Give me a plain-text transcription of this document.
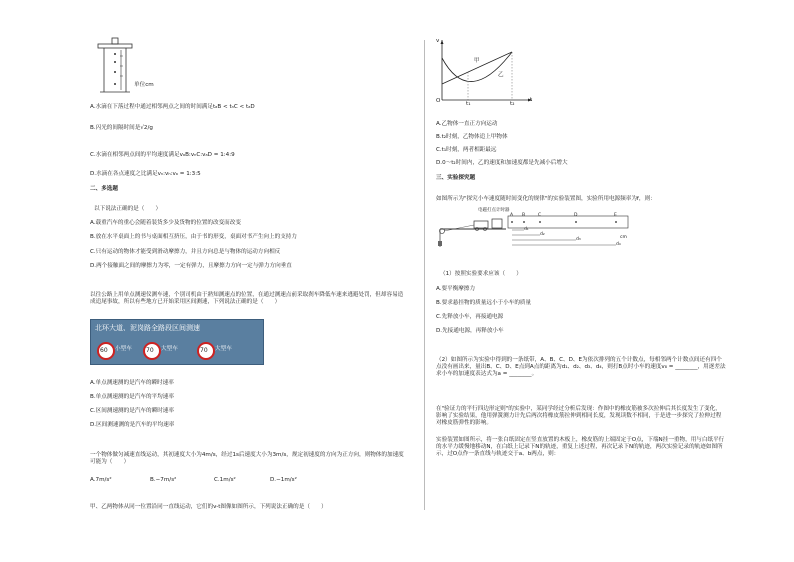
单位cm
A.水滴在下落过程中通过相邻两点之间的时间满足tₐB < tₙC < tₐD
B.闪光的间隔时间是√2/g
C.水滴在相邻两点间的平均速度满足vₐB:vₙC:vₐD = 1:4:9
D.水滴在各点速度之比满足vₙ:vₕ:vₐ = 1:3:5
二、多选题
以下说法正确的是（　　）
A.载重汽车的重心会随着装货多少及货物的位置的改变而改变
B.放在水平桌面上的书与桌面相互挤压，由于书的形变，桌面对书产生向上的支持力
C.只有运动的物体才能受到滑动摩擦力，并且方向总是与物体的运动方向相反
D.两个接触面之间的摩擦力为零，一定有弹力，且摩擦力方向一定与弹力方向垂直
以往公路上用单点测速仪测车速，个别司机由于熟知测速点的位置，在通过测速点前采取刹车降低车速来逃避处罚，但却容易造成追尾事故，所以有些地方已开始采用区间测速，下列说法正确的是（　　）
北环大道、泥岗路全路段区间测速
60 小型车 70 大型车	70 大型车
A.单点测速测的是汽车的瞬时速率
B.单点测速测的是汽车的平均速率
C.区间测速测的是汽车的瞬时速率
D.区间测速测的是汽车的平均速率
一个物体做匀减速直线运动，其初速度大小为4m/s，经过1s后速度大小为3m/s，规定初速度的方向为正方向，则物体的加速度可能为（　　）
A.7m/s²	B.−7m/s²	C.1m/s²	D.−1m/s²
甲、乙两物体从同一位置沿同一直线运动，它们的v-t图像如图所示，下列说法正确的是（　　）
v
t
O
甲
乙
t₁	t₂
A.乙物体一直正方向运动
B.t₂时刻，乙物体追上甲物体
C.t₁时刻，两者相距最远
D.0～t₂时间内，乙的速度和加速度都是先减小后增大
三、实验探究题
如图所示为"探究小车速度随时间变化的规律"的实验装置图，实验所用电源频率为f，则：
电磁打点计时器
A B	C	D	E
d₁
d₂
d₃
d₄
cm
（1）按照实验要求应该（　　）
A.要平衡摩擦力
B.要求悬挂物的质量远小于小车的质量
C.先释放小车，再接通电源
D.先接通电源，再释放小车
（2）如图所示为实验中得到的一条纸带，A、B、C、D、E为依次排列的五个计数点，每相邻两个计数点间还有四个点没有画出来，量出B、C、D、E点到A点的距离为d₁、d₂、d₃、d₄，则打B点时小车的速度v₈ = ________，用逐差法求小车的加速度表达式为a = ________。
在"验证力的平行四边形定则"的实验中，某同学经过分析后发现：作图中的橡皮筋被多次拉伸后其长度发生了变化，影响了实验结果，他用弹簧测力计先后两次将橡皮筋拉伸到相同长度，发现读数不相同，于是进一步探究了拉伸过程对橡皮筋弹性的影响。
实验装置如图所示，将一张白纸固定在竖直放置的木板上，橡皮筋的上端固定于O点，下端N挂一重物，用与白纸平行的水平力缓慢地移动N，在白纸上记录下N的轨迹，重复上述过程，再次记录下N的轨迹，两次实验记录的轨迹如图所示，过O点作一条直线与轨迹交于a、b两点，则：
